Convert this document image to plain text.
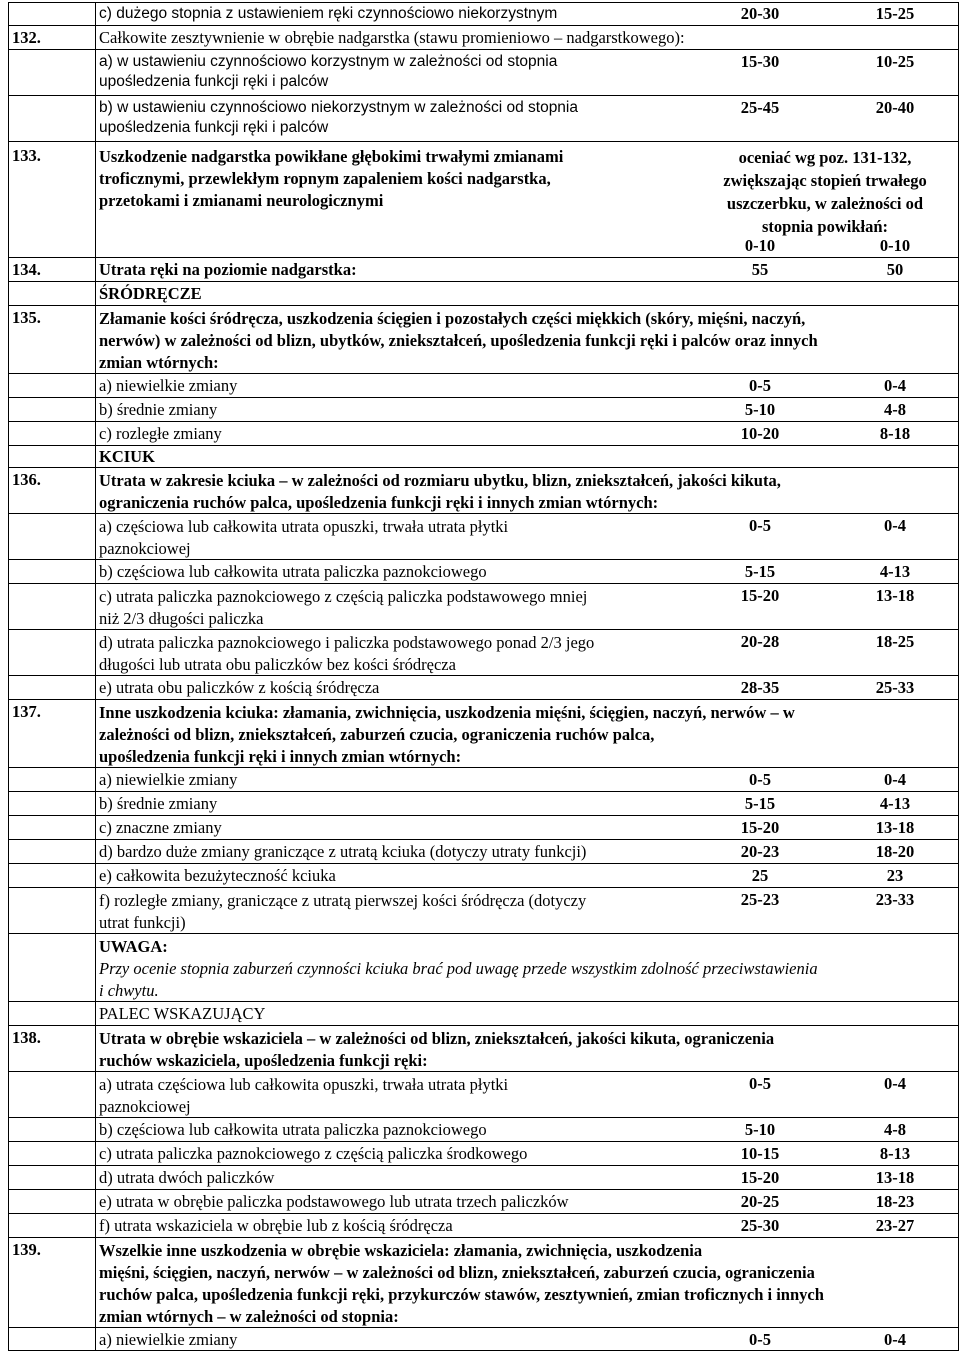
c) dużego stopnia z ustawieniem ręki czynnościowo niekorzystnym	20-30	15-25
132.	Całkowite zesztywnienie w obrębie nadgarstka (stawu promieniowo – nadgarstkowego):
a) w ustawieniu czynnościowo korzystnym w zależności od stopnia
upośledzenia funkcji ręki i palców
15-30	10-25
b) w ustawieniu czynnościowo niekorzystnym w zależności od stopnia
upośledzenia funkcji ręki i palców
25-45	20-40
133.	Uszkodzenie nadgarstka powikłane głębokimi trwałymi zmianami
troficznymi, przewlekłym ropnym zapaleniem kości nadgarstka,
przetokami i zmianami neurologicznymi
oceniać wg poz. 131-132,
zwiększając stopień trwałego
uszczerbku, w zależności od
stopnia powikłań:
0-10	0-10
134.	Utrata ręki na poziomie nadgarstka:	55	50
ŚRÓDRĘCZE
135.	Złamanie kości śródręcza, uszkodzenia ścięgien i pozostałych części miękkich (skóry, mięśni, naczyń,
nerwów) w zależności od blizn, ubytków, zniekształceń, upośledzenia funkcji ręki i palców oraz innych
zmian wtórnych:
a) niewielkie zmiany	0-5	0-4
b) średnie zmiany	5-10	4-8
c) rozległe zmiany	10-20	8-18
KCIUK
136.	Utrata w zakresie kciuka – w zależności od rozmiaru ubytku, blizn, zniekształceń, jakości kikuta,
ograniczenia ruchów palca, upośledzenia funkcji ręki i innych zmian wtórnych:
a) częściowa lub całkowita utrata opuszki, trwała utrata płytki
paznokciowej
0-5	0-4
b) częściowa lub całkowita utrata paliczka paznokciowego	5-15	4-13
c) utrata paliczka paznokciowego z częścią paliczka podstawowego mniej
niż 2/3 długości paliczka
15-20	13-18
d) utrata paliczka paznokciowego i paliczka podstawowego ponad 2/3 jego
długości lub utrata obu paliczków bez kości śródręcza
20-28	18-25
e) utrata obu paliczków z kością śródręcza	28-35	25-33
137.	Inne uszkodzenia kciuka: złamania, zwichnięcia, uszkodzenia mięśni, ścięgien, naczyń, nerwów – w
zależności od blizn, zniekształceń, zaburzeń czucia, ograniczenia ruchów palca,
upośledzenia funkcji ręki i innych zmian wtórnych:
a) niewielkie zmiany	0-5	0-4
b) średnie zmiany	5-15	4-13
c) znaczne zmiany	15-20	13-18
d) bardzo duże zmiany graniczące z utratą kciuka (dotyczy utraty funkcji)	20-23	18-20
e) całkowita bezużyteczność kciuka	25	23
f) rozległe zmiany, graniczące z utratą pierwszej kości śródręcza (dotyczy
utrat funkcji)
25-23	23-33
UWAGA:
Przy ocenie stopnia zaburzeń czynności kciuka brać pod uwagę przede wszystkim zdolność przeciwstawienia
i chwytu.
PALEC WSKAZUJĄCY
138.	Utrata w obrębie wskaziciela – w zależności od blizn, zniekształceń, jakości kikuta, ograniczenia
ruchów wskaziciela, upośledzenia funkcji ręki:
a) utrata częściowa lub całkowita opuszki, trwała utrata płytki
paznokciowej
0-5	0-4
b) częściowa lub całkowita utrata paliczka paznokciowego	5-10	4-8
c) utrata paliczka paznokciowego z częścią paliczka środkowego	10-15	8-13
d) utrata dwóch paliczków	15-20	13-18
e) utrata w obrębie paliczka podstawowego lub utrata trzech paliczków	20-25	18-23
f) utrata wskaziciela w obrębie lub z kością śródręcza	25-30	23-27
139.	Wszelkie inne uszkodzenia w obrębie wskaziciela: złamania, zwichnięcia, uszkodzenia
mięśni, ścięgien, naczyń, nerwów – w zależności od blizn, zniekształceń, zaburzeń czucia, ograniczenia
ruchów palca, upośledzenia funkcji ręki, przykurczów stawów, zesztywnień, zmian troficznych i innych
zmian wtórnych – w zależności od stopnia:
a) niewielkie zmiany	0-5	0-4
